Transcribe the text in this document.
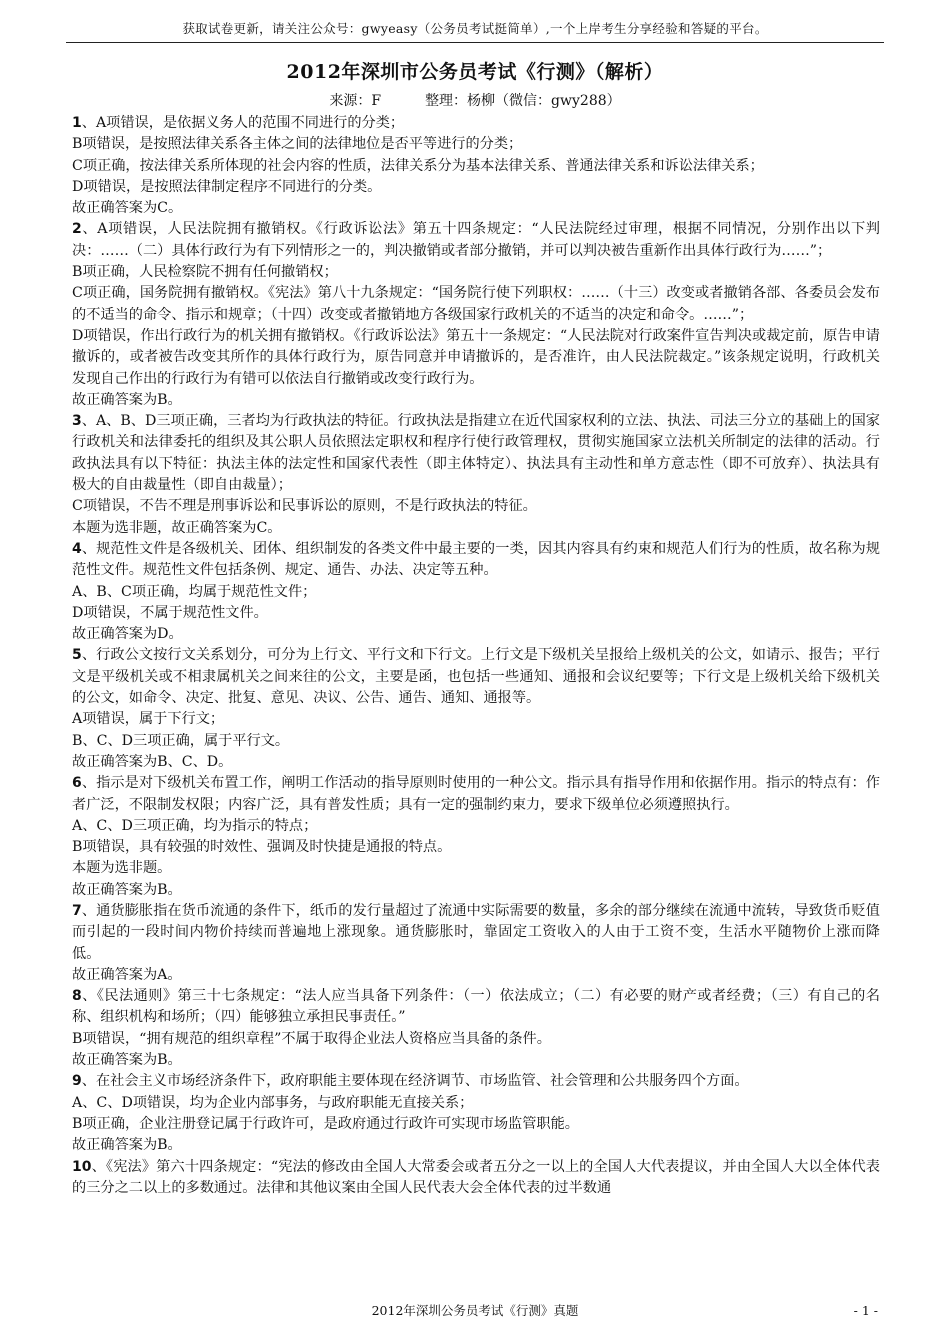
获取试卷更新，请关注公众号：gwyeasy（公务员考试挺简单）,一个上岸考生分享经验和答疑的平台。
2012年深圳市公务员考试《行测》（解析）
来源：F	整理：杨柳（微信：gwy288）

1、A项错误，是依据义务人的范围不同进行的分类；

B项错误，是按照法律关系各主体之间的法律地位是否平等进行的分类；

C项正确，按法律关系所体现的社会内容的性质，法律关系分为基本法律关系、普通法律关系和诉讼法律关系；

D项错误，是按照法律制定程序不同进行的分类。

故正确答案为C。

2、A项错误，人民法院拥有撤销权。《行政诉讼法》第五十四条规定：“人民法院经过审理，根据不同情况，分别作出以下判决：……（二）具体行政行为有下列情形之一的，判决撤销或者部分撤销，并可以判决被告重新作出具体行政行为……”；

B项正确，人民检察院不拥有任何撤销权；

C项正确，国务院拥有撤销权。《宪法》第八十九条规定：“国务院行使下列职权：……（十三）改变或者撤销各部、各委员会发布的不适当的命令、指示和规章；（十四）改变或者撤销地方各级国家行政机关的不适当的决定和命令。……”；

D项错误，作出行政行为的机关拥有撤销权。《行政诉讼法》第五十一条规定：“人民法院对行政案件宣告判决或裁定前，原告申请撤诉的，或者被告改变其所作的具体行政行为，原告同意并申请撤诉的，是否准许，由人民法院裁定。”该条规定说明，行政机关发现自己作出的行政行为有错可以依法自行撤销或改变行政行为。

故正确答案为B。

3、A、B、D三项正确，三者均为行政执法的特征。行政执法是指建立在近代国家权利的立法、执法、司法三分立的基础上的国家行政机关和法律委托的组织及其公职人员依照法定职权和程序行使行政管理权，贯彻实施国家立法机关所制定的法律的活动。行政执法具有以下特征：执法主体的法定性和国家代表性（即主体特定）、执法具有主动性和单方意志性（即不可放弃）、执法具有极大的自由裁量性（即自由裁量）；

C项错误，不告不理是刑事诉讼和民事诉讼的原则，不是行政执法的特征。

本题为选非题，故正确答案为C。

4、规范性文件是各级机关、团体、组织制发的各类文件中最主要的一类，因其内容具有约束和规范人们行为的性质，故名称为规范性文件。规范性文件包括条例、规定、通告、办法、决定等五种。

A、B、C项正确，均属于规范性文件；

D项错误，不属于规范性文件。

故正确答案为D。

5、行政公文按行文关系划分，可分为上行文、平行文和下行文。上行文是下级机关呈报给上级机关的公文，如请示、报告；平行文是平级机关或不相隶属机关之间来往的公文，主要是函，也包括一些通知、通报和会议纪要等；下行文是上级机关给下级机关的公文，如命令、决定、批复、意见、决议、公告、通告、通知、通报等。

A项错误，属于下行文；

B、C、D三项正确，属于平行文。

故正确答案为B、C、D。

6、指示是对下级机关布置工作，阐明工作活动的指导原则时使用的一种公文。指示具有指导作用和依据作用。指示的特点有：作者广泛，不限制发权限；内容广泛，具有普发性质；具有一定的强制约束力，要求下级单位必须遵照执行。

A、C、D三项正确，均为指示的特点；

B项错误，具有较强的时效性、强调及时快捷是通报的特点。

本题为选非题。

故正确答案为B。

7、通货膨胀指在货币流通的条件下，纸币的发行量超过了流通中实际需要的数量，多余的部分继续在流通中流转，导致货币贬值而引起的一段时间内物价持续而普遍地上涨现象。通货膨胀时，靠固定工资收入的人由于工资不变，生活水平随物价上涨而降低。

故正确答案为A。

8、《民法通则》第三十七条规定：“法人应当具备下列条件：（一）依法成立；（二）有必要的财产或者经费；（三）有自己的名称、组织机构和场所；（四）能够独立承担民事责任。”

B项错误，“拥有规范的组织章程”不属于取得企业法人资格应当具备的条件。

故正确答案为B。

9、在社会主义市场经济条件下，政府职能主要体现在经济调节、市场监管、社会管理和公共服务四个方面。

A、C、D项错误，均为企业内部事务，与政府职能无直接关系；

B项正确，企业注册登记属于行政许可，是政府通过行政许可实现市场监管职能。

故正确答案为B。

10、《宪法》第六十四条规定：“宪法的修改由全国人大常委会或者五分之一以上的全国人大代表提议，并由全国人大以全体代表的三分之二以上的多数通过。法律和其他议案由全国人民代表大会全体代表的过半数通

2012年深圳公务员考试《行测》真题	- 1 -
